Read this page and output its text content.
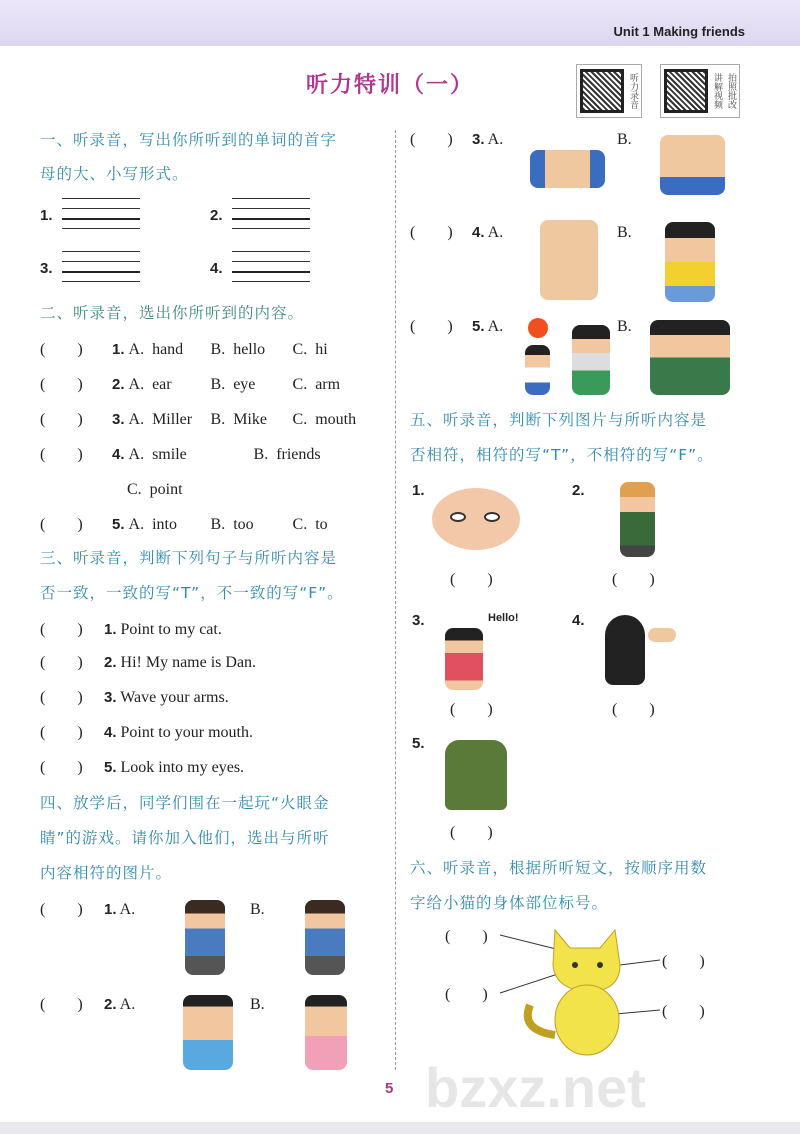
Unit 1 Making friends
听力特训（一）	听力录音	讲解视频 拍照批改
一、听录音，写出你所听到的单词的首字
母的大、小写形式。
1.	2.
3.	4.
二、听录音，选出你所听到的内容。
(        ) 1. A.  hand B.  hello C.  hi
(        ) 2. A.  ear B.  eye C.  arm
(        ) 3. A.  Miller B.  Mike C.  mouth
(        ) 4. A.  smile	B.  friends
C.  point
(        ) 5. A.  into B.  too C.  to
三、听录音，判断下列句子与所听内容是
否一致，一致的写“T”，不一致的写“F”。
(        ) 1. Point to my cat.
(        ) 2. Hi! My name is Dan.
(        ) 3. Wave your arms.
(        ) 4. Point to your mouth.
(        ) 5. Look into my eyes.
四、放学后，同学们围在一起玩“火眼金
睛”的游戏。请你加入他们，选出与所听
内容相符的图片。
(        ) 1. A.	B.
(        ) 2. A.	B.
(        ) 3. A.	B.
(        ) 4. A.	B.
(        ) 5. A.	B.
五、听录音，判断下列图片与所听内容是
否相符，相符的写“T”，不相符的写“F”。
1.
(        )
2.
(        )
3.	Hello!
(        )
4.
(        )
5.
(        )
六、听录音，根据所听短文，按顺序用数
字给小猫的身体部位标号。
(        )
(        )
(        )
(        )
bzxz.net
5
